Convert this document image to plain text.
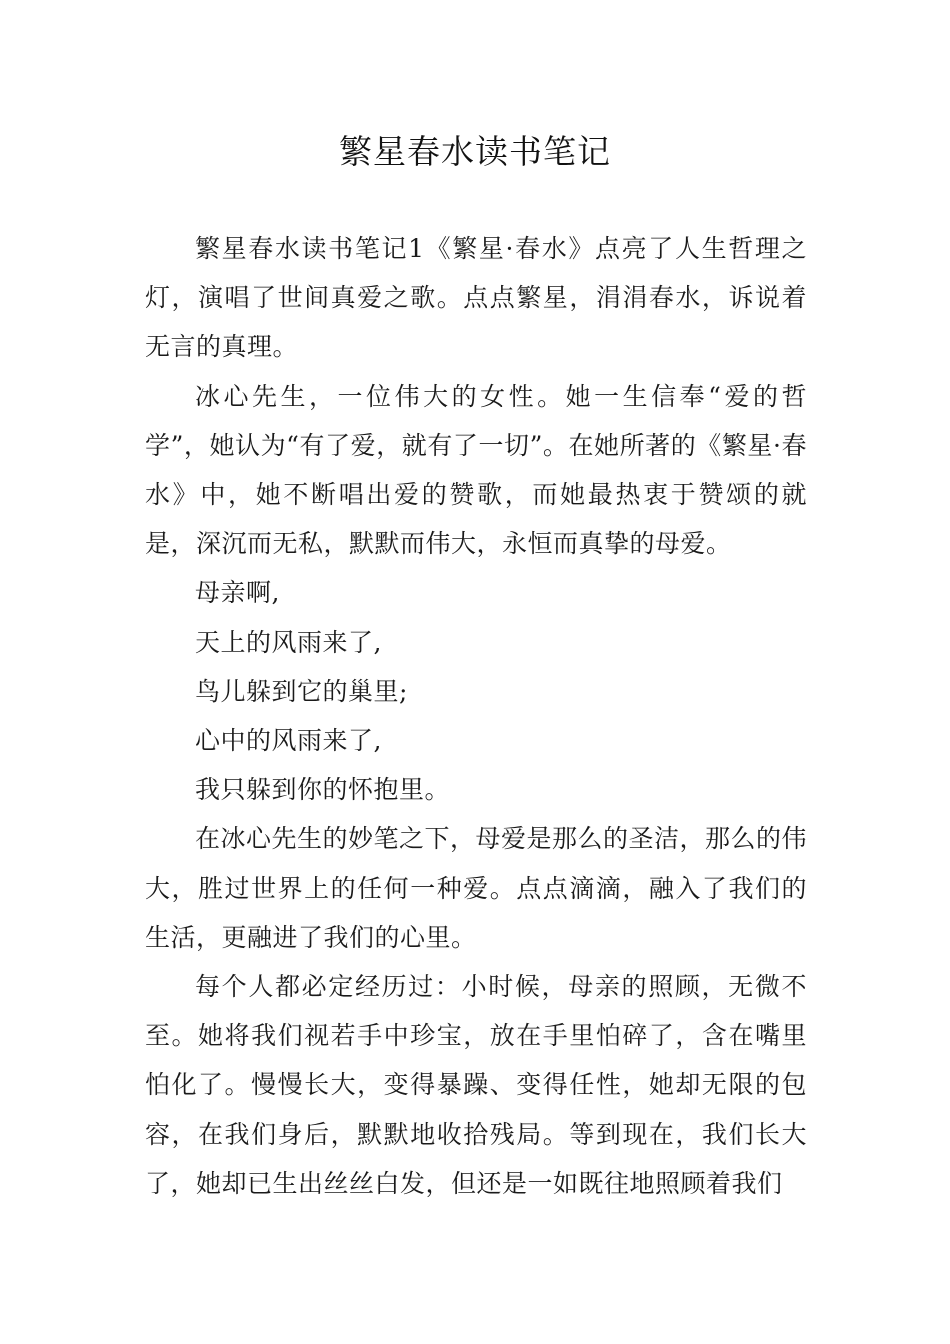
繁星春水读书笔记

繁星春水读书笔记1《繁星·春水》点亮了人生哲理之灯，演唱了世间真爱之歌。点点繁星，涓涓春水，诉说着无言的真理。

冰心先生，一位伟大的女性。她一生信奉“爱的哲学”，她认为“有了爱，就有了一切”。在她所著的《繁星·春水》中，她不断唱出爱的赞歌，而她最热衷于赞颂的就是，深沉而无私，默默而伟大，永恒而真挚的母爱。

母亲啊,

天上的风雨来了,

鸟儿躲到它的巢里;

心中的风雨来了,

我只躲到你的怀抱里。

在冰心先生的妙笔之下，母爱是那么的圣洁，那么的伟大，胜过世界上的任何一种爱。点点滴滴，融入了我们的生活，更融进了我们的心里。

每个人都必定经历过：小时候，母亲的照顾，无微不至。她将我们视若手中珍宝，放在手里怕碎了，含在嘴里怕化了。慢慢长大，变得暴躁、变得任性，她却无限的包容，在我们身后，默默地收拾残局。等到现在，我们长大了，她却已生出丝丝白发，但还是一如既往地照顾着我们
